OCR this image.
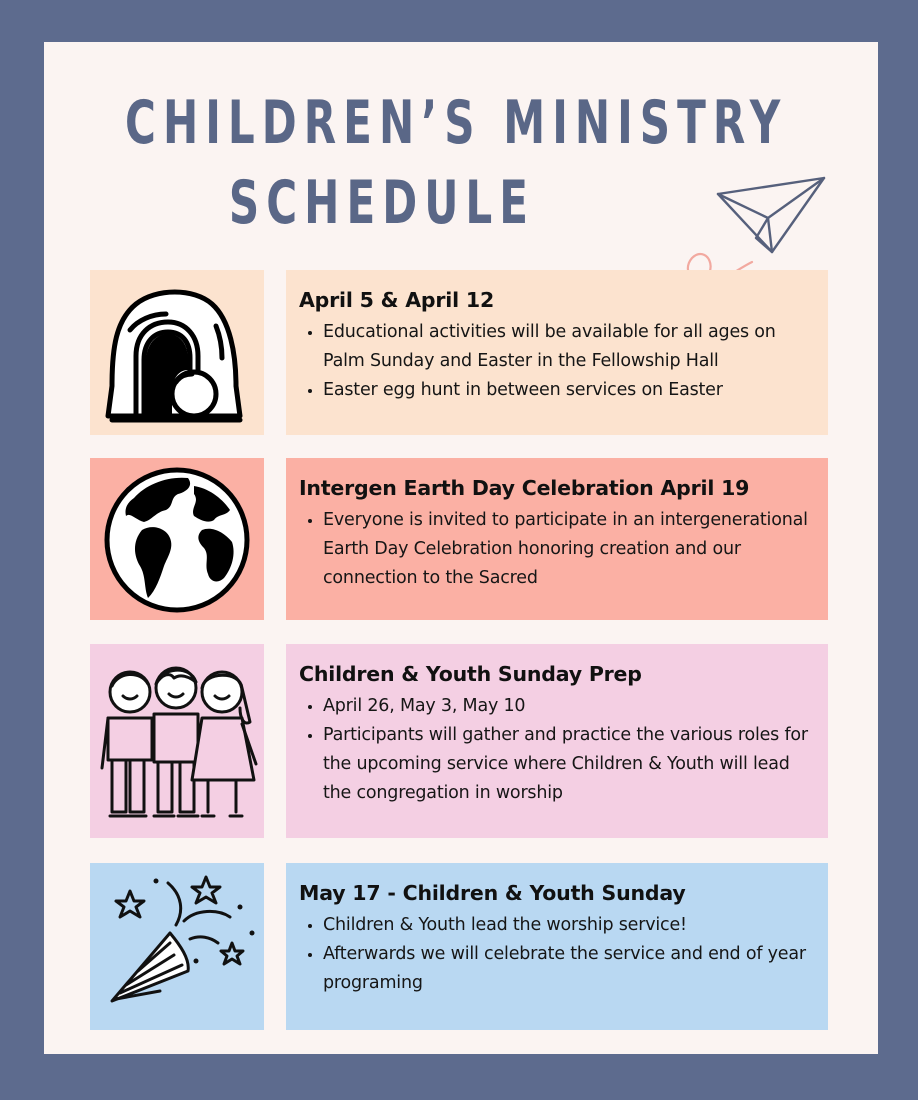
CHILDREN’S MINISTRY
SCHEDULE
April 5 & April 12
• Educational activities will be available for all ages on Palm Sunday and Easter in the Fellowship Hall
• Easter egg hunt in between services on Easter
Intergen Earth Day Celebration April 19
• Everyone is invited to participate in an intergenerational Earth Day Celebration honoring creation and our connection to the Sacred
Children & Youth Sunday Prep
• April 26, May 3, May 10
• Participants will gather and practice the various roles for the upcoming service where Children & Youth will lead the congregation in worship
May 17 - Children & Youth Sunday
• Children & Youth lead the worship service!
• Afterwards we will celebrate the service and end of year programing
